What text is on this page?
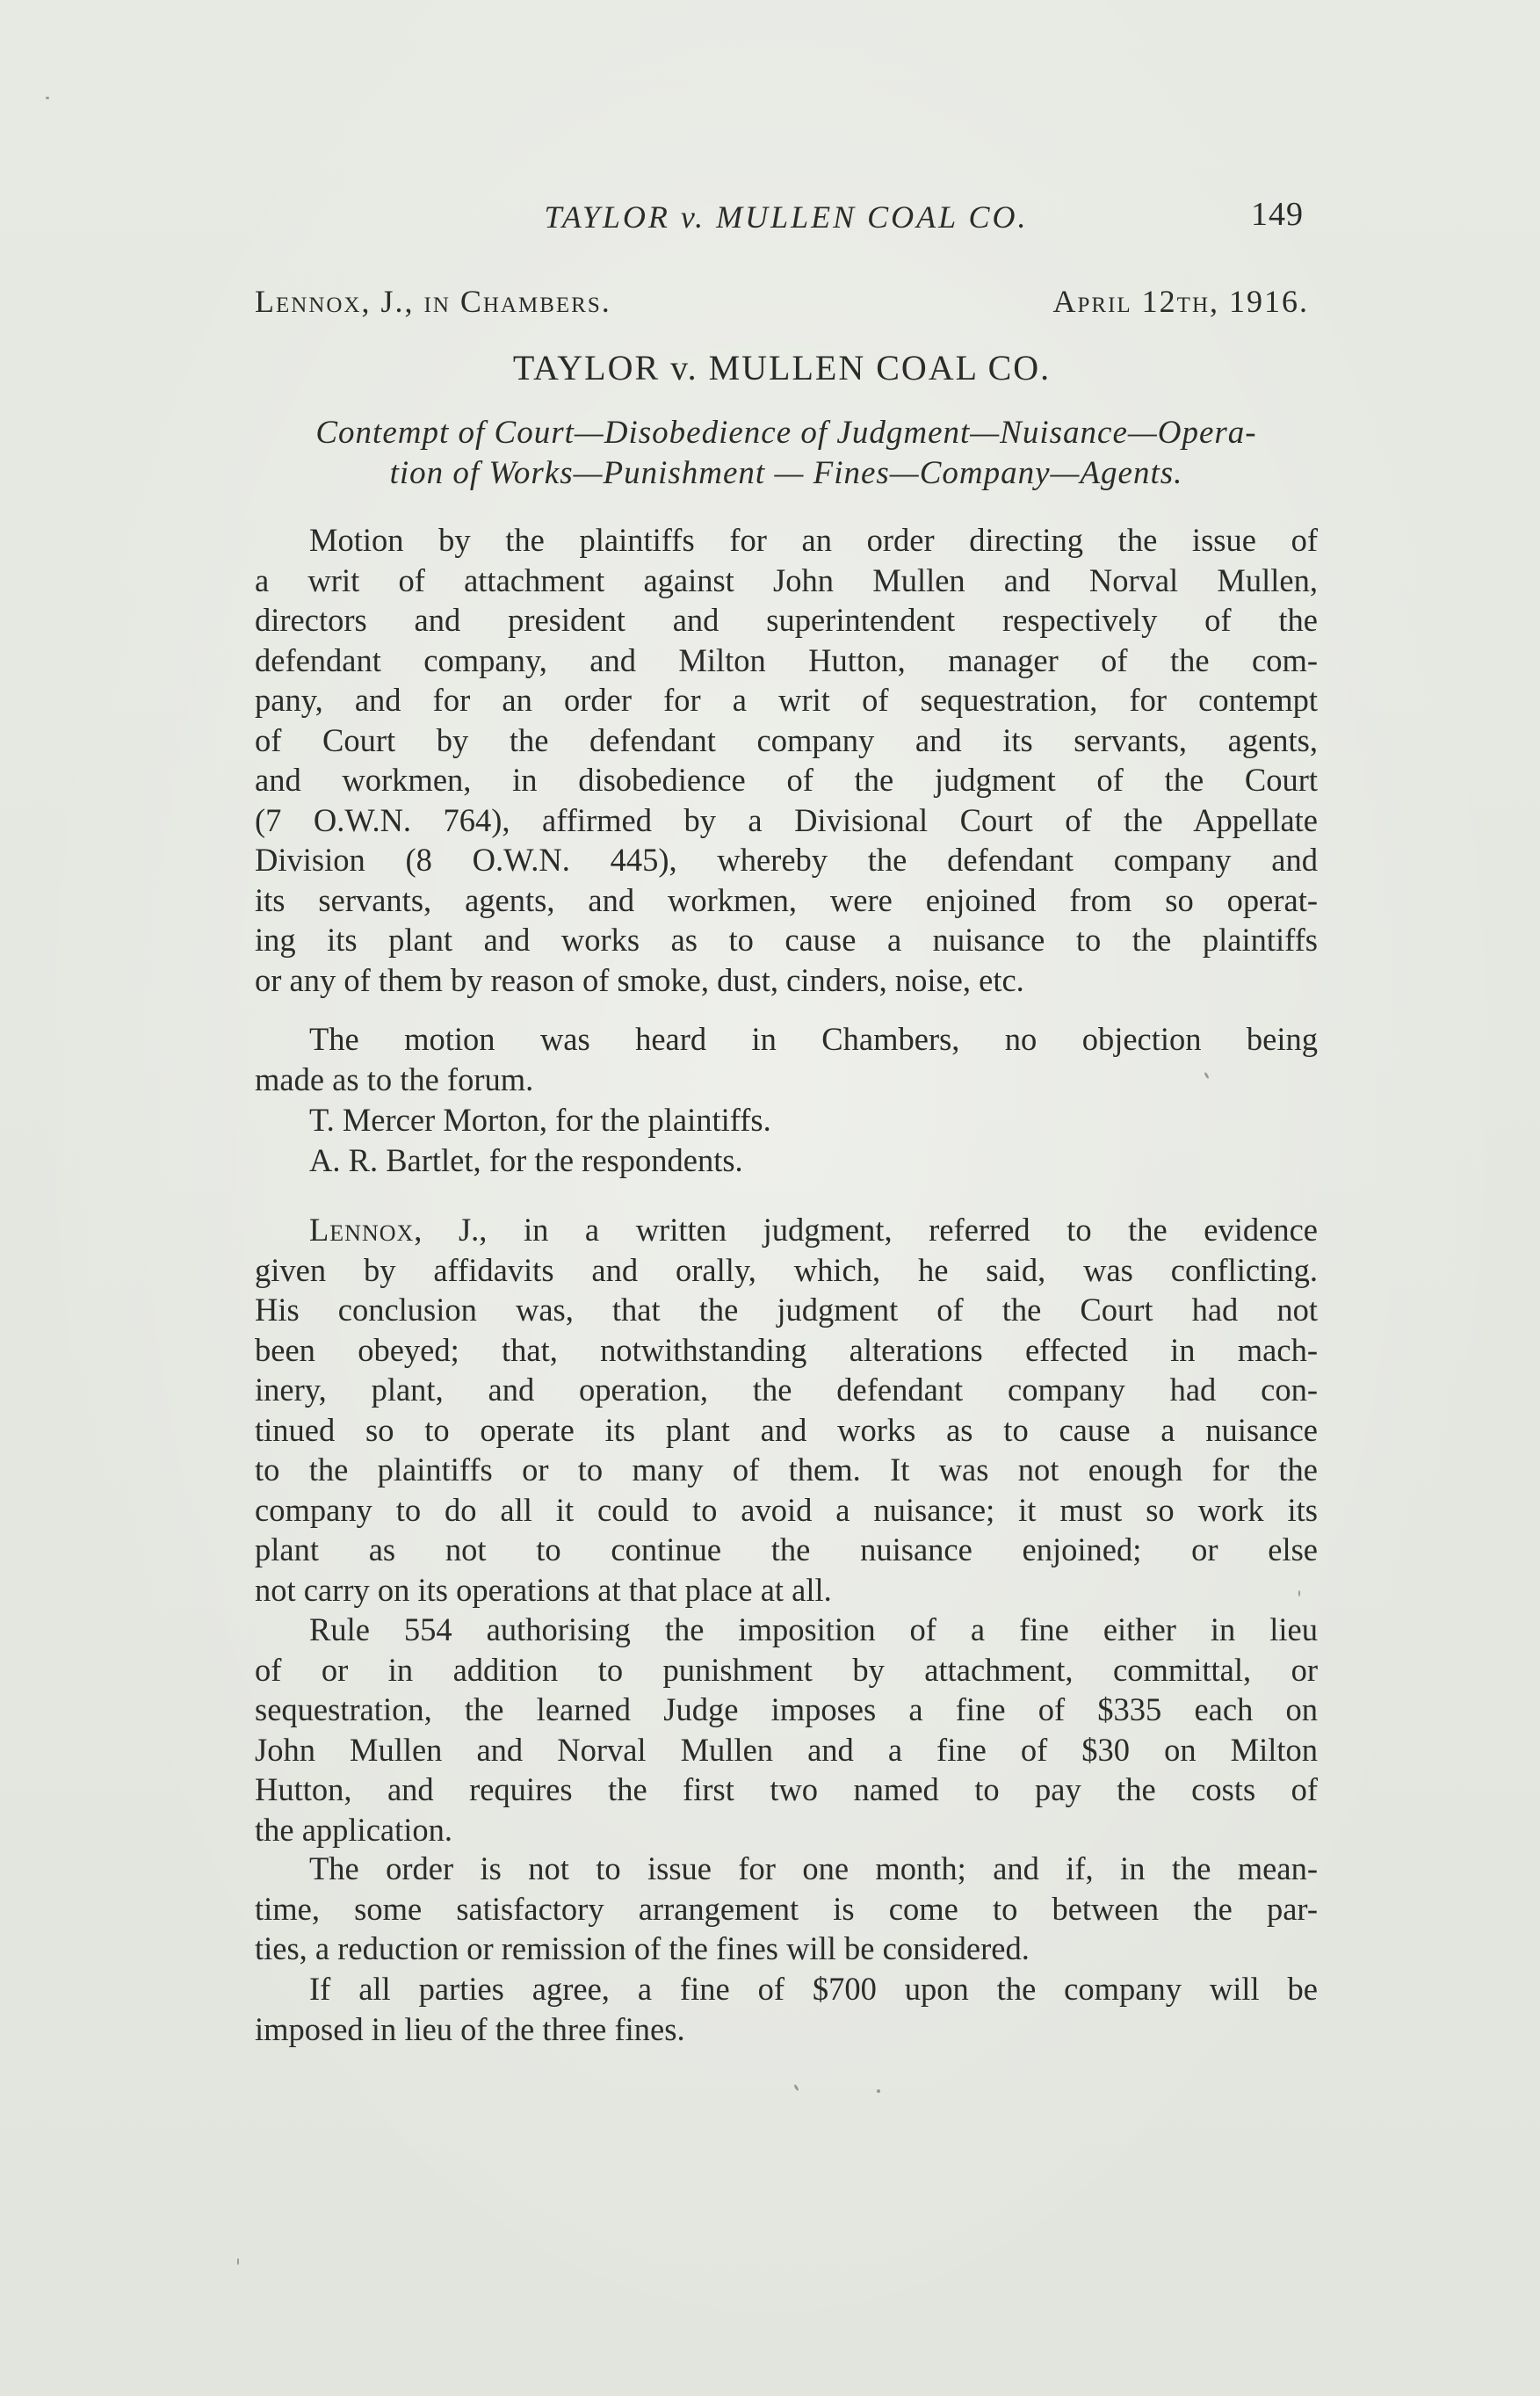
TAYLOR v. MULLEN COAL CO.	149
Lennox, J., in Chambers.	April 12th, 1916.
TAYLOR v. MULLEN COAL CO.
Contempt of Court—Disobedience of Judgment—Nuisance—Opera-
tion of Works—Punishment — Fines—Company—Agents.
Motion by the plaintiffs for an order directing the issue of
a writ of attachment against John Mullen and Norval Mullen,
directors and president and superintendent respectively of the
defendant company, and Milton Hutton, manager of the com-
pany, and for an order for a writ of sequestration, for contempt
of Court by the defendant company and its servants, agents,
and workmen, in disobedience of the judgment of the Court
(7 O.W.N. 764), affirmed by a Divisional Court of the Appellate
Division (8 O.W.N. 445), whereby the defendant company and
its servants, agents, and workmen, were enjoined from so operat-
ing its plant and works as to cause a nuisance to the plaintiffs
or any of them by reason of smoke, dust, cinders, noise, etc.
The motion was heard in Chambers, no objection being
made as to the forum.
T. Mercer Morton, for the plaintiffs.
A. R. Bartlet, for the respondents.
Lennox, J., in a written judgment, referred to the evidence
given by affidavits and orally, which, he said, was conflicting.
His conclusion was, that the judgment of the Court had not
been obeyed; that, notwithstanding alterations effected in mach-
inery, plant, and operation, the defendant company had con-
tinued so to operate its plant and works as to cause a nuisance
to the plaintiffs or to many of them. It was not enough for the
company to do all it could to avoid a nuisance; it must so work its
plant as not to continue the nuisance enjoined; or else
not carry on its operations at that place at all.
Rule 554 authorising the imposition of a fine either in lieu
of or in addition to punishment by attachment, committal, or
sequestration, the learned Judge imposes a fine of $335 each on
John Mullen and Norval Mullen and a fine of $30 on Milton
Hutton, and requires the first two named to pay the costs of
the application.
The order is not to issue for one month; and if, in the mean-
time, some satisfactory arrangement is come to between the par-
ties, a reduction or remission of the fines will be considered.
If all parties agree, a fine of $700 upon the company will be
imposed in lieu of the three fines.
